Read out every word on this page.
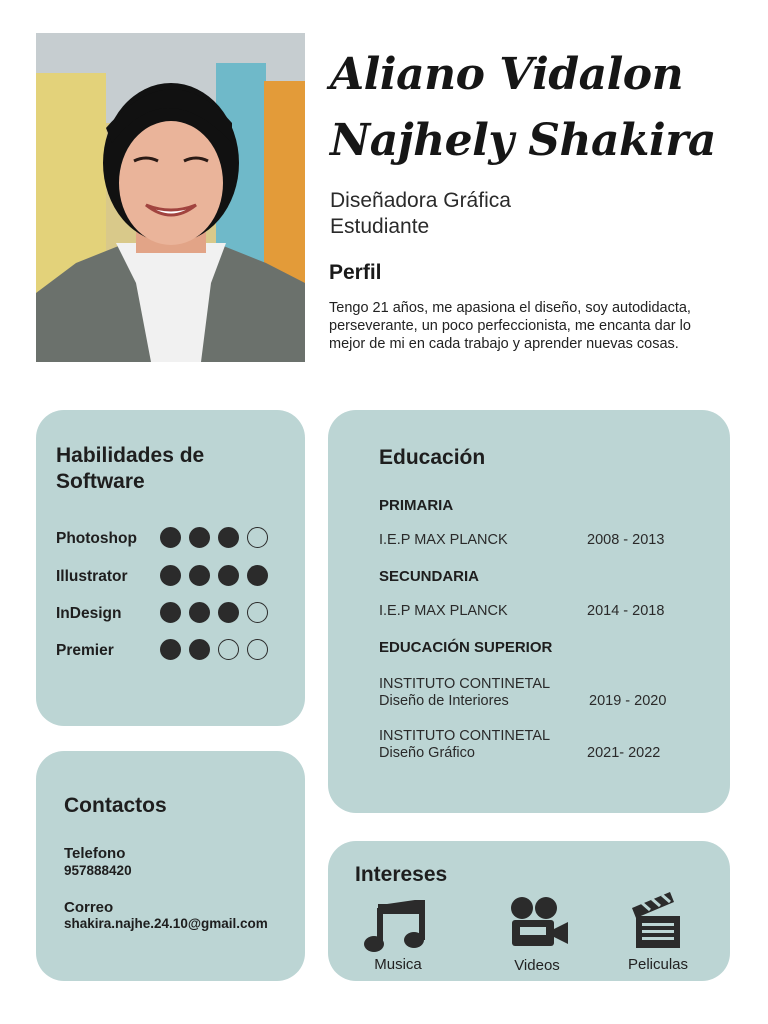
Aliano Vidalon
Najhely Shakira
Diseñadora Gráfica
Estudiante
Perfil
Tengo 21 años, me apasiona el diseño, soy autodidacta, perseverante, un poco perfeccionista, me encanta dar lo mejor de mi en cada trabajo y aprender nuevas cosas.
Habilidades de Software
Photoshop
Illustrator
InDesign
Premier
Educación
PRIMARIA
I.E.P MAX PLANCK	2008 - 2013
SECUNDARIA
I.E.P MAX PLANCK	2014 - 2018
EDUCACIÓN SUPERIOR
INSTITUTO CONTINETAL
Diseño de Interiores	2019 - 2020
INSTITUTO CONTINETAL
Diseño Gráfico	2021- 2022
Contactos
Telefono
957888420
Correo
shakira.najhe.24.10@gmail.com
Intereses
Musica	Videos	Peliculas
